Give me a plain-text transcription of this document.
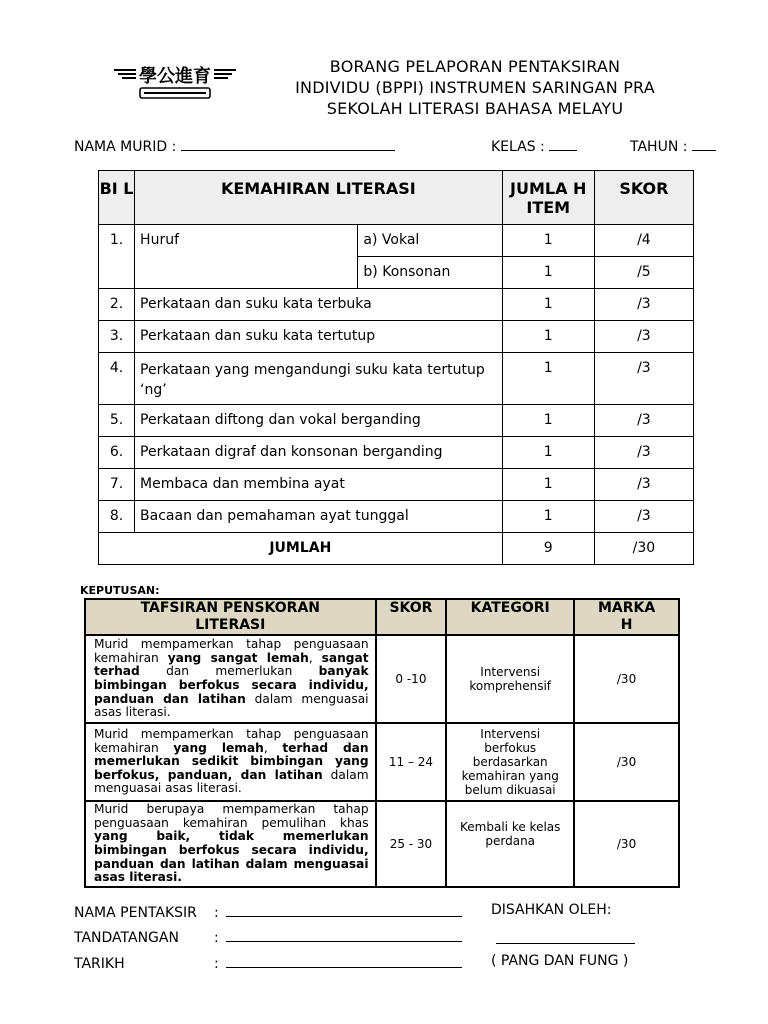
學公進育	BORANG PELAPORAN PENTAKSIRAN
INDIVIDU (BPPI) INSTRUMEN SARINGAN PRA
SEKOLAH LITERASI BAHASA MELAYU
NAMA MURID :	KELAS :	TAHUN :
BI L	KEMAHIRAN LITERASI		JUMLA H ITEM	SKOR
1.	Huruf	a) Vokal	1	/4
		b) Konsonan	1	/5
2.	Perkataan dan suku kata terbuka		1	/3
3.	Perkataan dan suku kata tertutup		1	/3
4.	Perkataan yang mengandungi suku kata tertutup ‘ng’		1	/3
5.	Perkataan diftong dan vokal berganding		1	/3
6.	Perkataan digraf dan konsonan berganding		1	/3
7.	Membaca dan membina ayat		1	/3
8.	Bacaan dan pemahaman ayat tunggal		1	/3
JUMLAH			9	/30
KEPUTUSAN:
TAFSIRAN PENSKORAN LITERASI	SKOR	KATEGORI	MARKA H
Murid mempamerkan tahap penguasaan kemahiran yang sangat lemah, sangat terhad dan memerlukan banyak bimbingan berfokus secara individu, panduan dan latihan dalam menguasai asas literasi.	0 -10	Intervensi komprehensif	/30
Murid mempamerkan tahap penguasaan kemahiran yang lemah, terhad dan memerlukan sedikit bimbingan yang berfokus, panduan, dan latihan dalam menguasai asas literasi.	11 – 24	Intervensi berfokus berdasarkan kemahiran yang belum dikuasai	/30
Murid berupaya mempamerkan tahap penguasaan kemahiran pemulihan khas yang baik, tidak memerlukan bimbingan berfokus secara individu, panduan dan latihan dalam menguasai asas literasi.	25 - 30	Kembali ke kelas perdana	/30
NAMA PENTAKSIR :
TANDATANGAN	:
TARIKH	:
DISAHKAN OLEH:
( PANG DAN FUNG )
